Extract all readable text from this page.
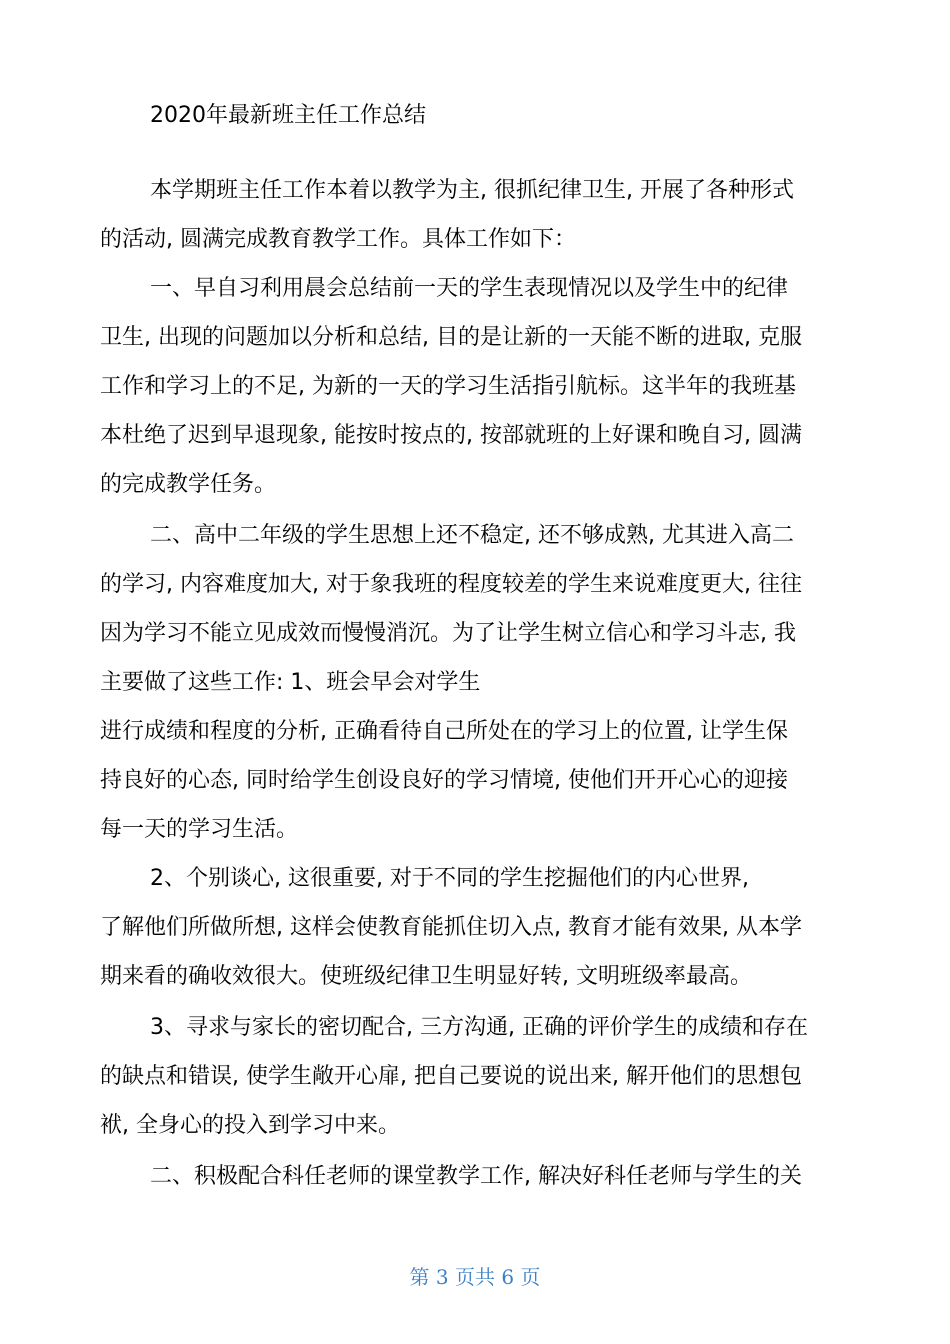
2020年最新班主任工作总结
本学期班主任工作本着以教学为主, 很抓纪律卫生, 开展了各种形式
的活动, 圆满完成教育教学工作。具体工作如下：
一、早自习利用晨会总结前一天的学生表现情况以及学生中的纪律
卫生, 出现的问题加以分析和总结, 目的是让新的一天能不断的进取, 克服
工作和学习上的不足, 为新的一天的学习生活指引航标。这半年的我班基
本杜绝了迟到早退现象, 能按时按点的, 按部就班的上好课和晚自习, 圆满
的完成教学任务。
二、高中二年级的学生思想上还不稳定, 还不够成熟, 尤其进入高二
的学习, 内容难度加大, 对于象我班的程度较差的学生来说难度更大, 往往
因为学习不能立见成效而慢慢消沉。为了让学生树立信心和学习斗志, 我
主要做了这些工作: 1、班会早会对学生
进行成绩和程度的分析, 正确看待自己所处在的学习上的位置, 让学生保
持良好的心态, 同时给学生创设良好的学习情境, 使他们开开心心的迎接
每一天的学习生活。
2、个别谈心, 这很重要, 对于不同的学生挖掘他们的内心世界,
了解他们所做所想, 这样会使教育能抓住切入点, 教育才能有效果, 从本学
期来看的确收效很大。使班级纪律卫生明显好转, 文明班级率最高。
3、寻求与家长的密切配合, 三方沟通, 正确的评价学生的成绩和存在
的缺点和错误, 使学生敞开心扉, 把自己要说的说出来, 解开他们的思想包
袱, 全身心的投入到学习中来。
二、积极配合科任老师的课堂教学工作, 解决好科任老师与学生的关
第 3 页共 6 页
